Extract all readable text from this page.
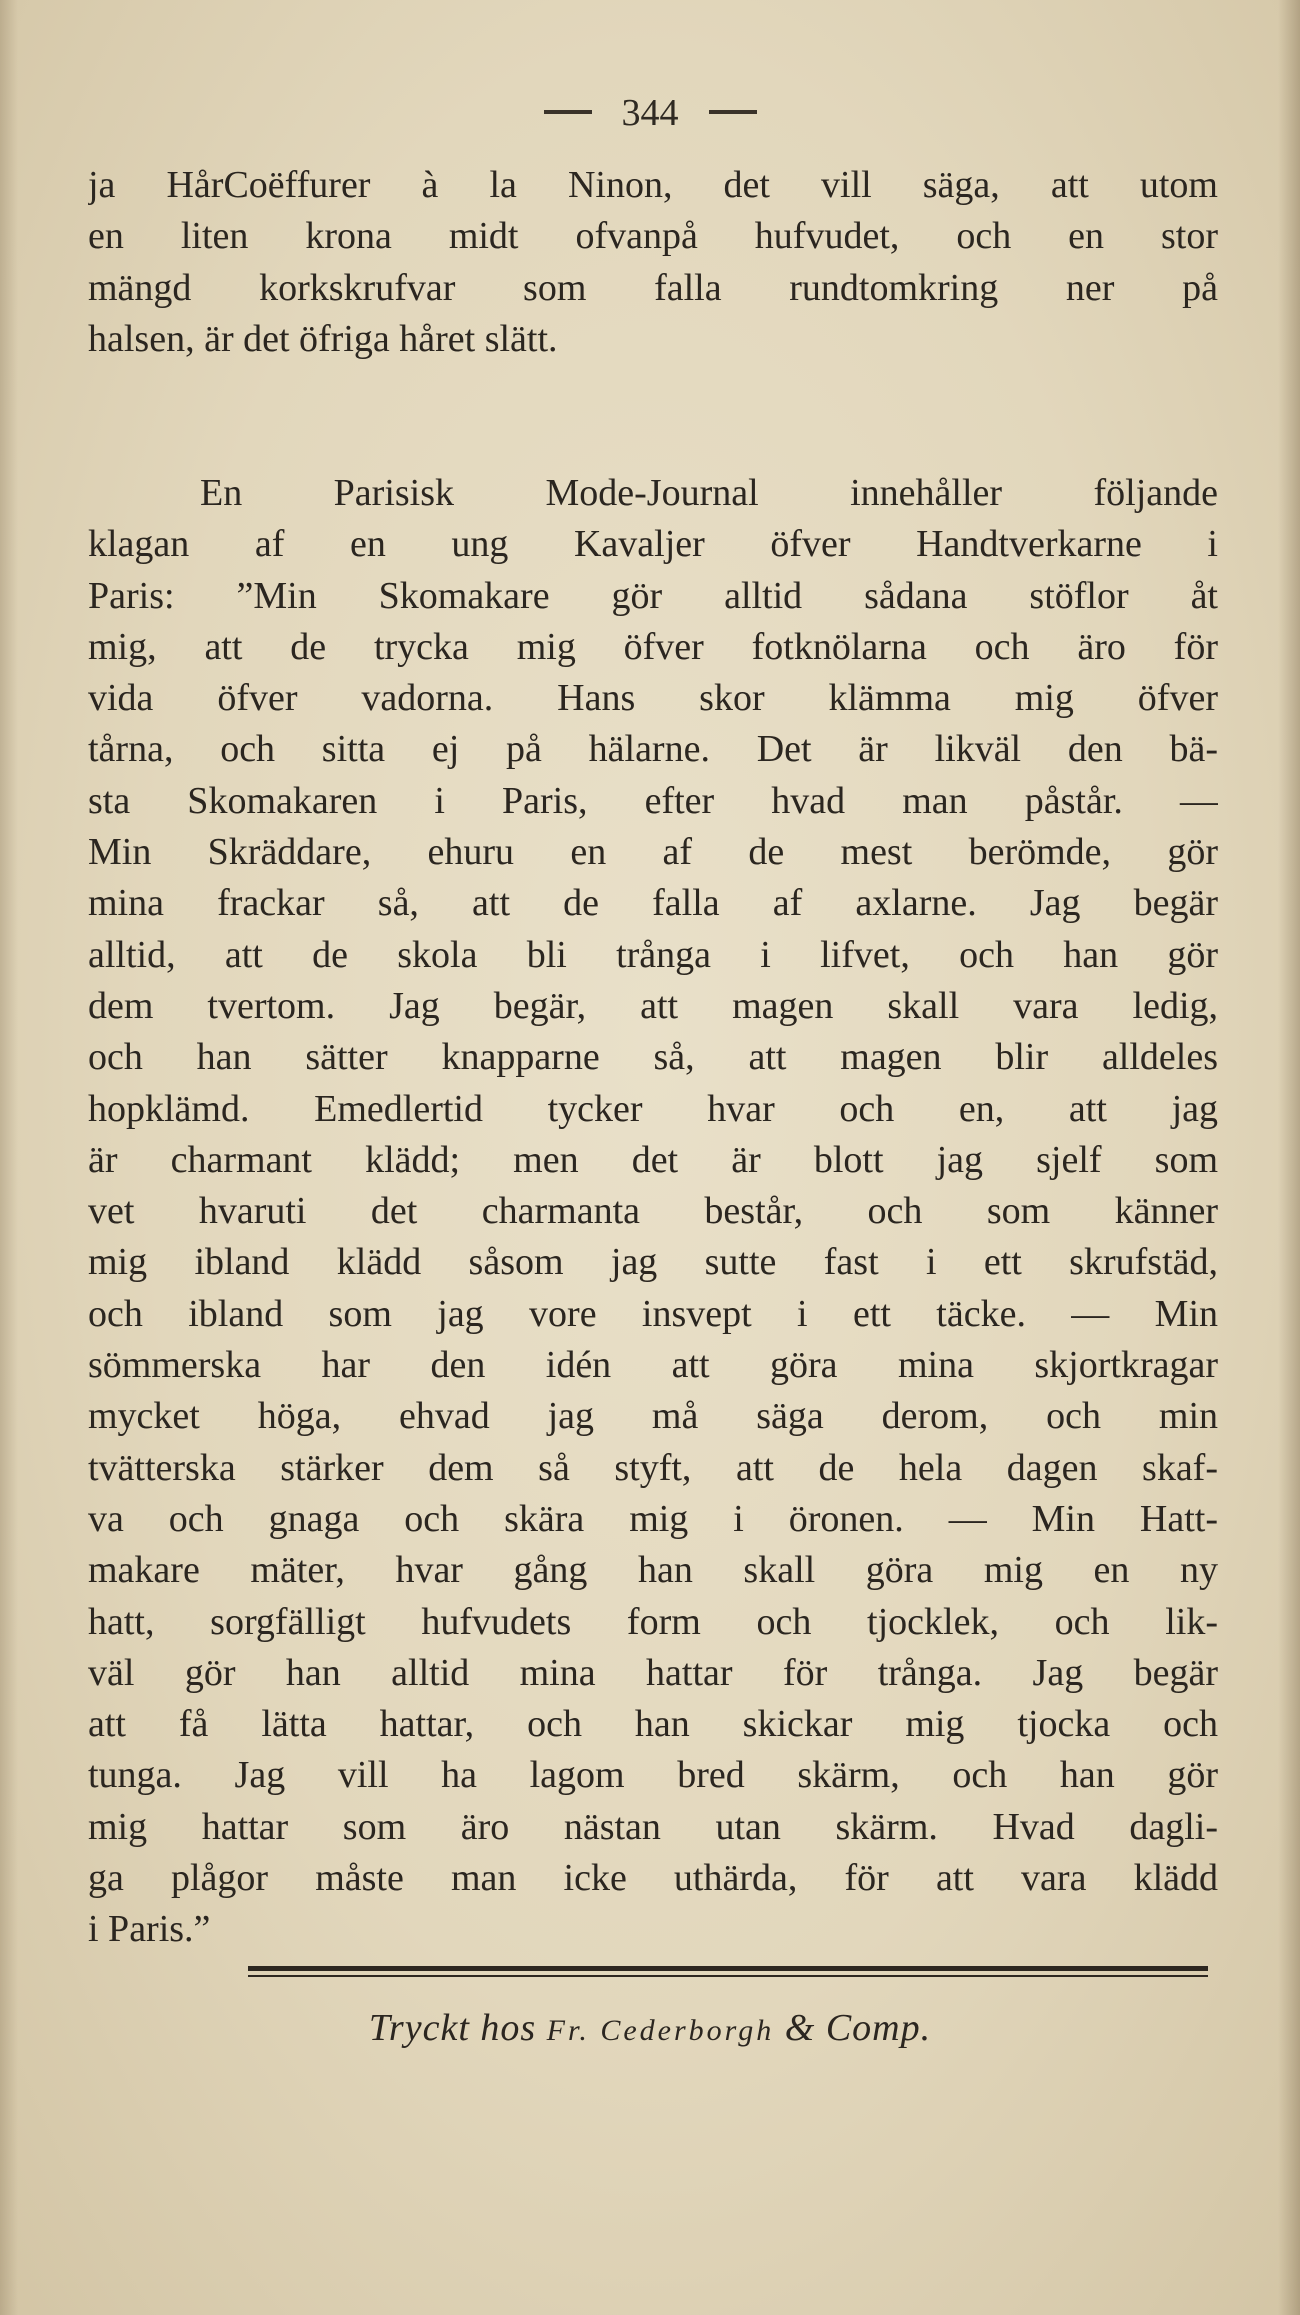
344
ja HårCoëffurer à la Ninon, det vill säga, att utom
en liten krona midt ofvanpå hufvudet, och en stor
mängd korkskrufvar som falla rundtomkring ner på
halsen, är det öfriga håret slätt.
En Parisisk Mode-Journal innehåller följande
klagan af en ung Kavaljer öfver Handtverkarne i
Paris: ”Min Skomakare gör alltid sådana stöflor åt
mig, att de trycka mig öfver fotknölarna och äro för
vida öfver vadorna. Hans skor klämma mig öfver
tårna, och sitta ej på hälarne. Det är likväl den bä-
sta Skomakaren i Paris, efter hvad man påstår. —
Min Skräddare, ehuru en af de mest berömde, gör
mina frackar så, att de falla af axlarne. Jag begär
alltid, att de skola bli trånga i lifvet, och han gör
dem tvertom. Jag begär, att magen skall vara ledig,
och han sätter knapparne så, att magen blir alldeles
hopklämd. Emedlertid tycker hvar och en, att jag
är charmant klädd; men det är blott jag sjelf som
vet hvaruti det charmanta består, och som känner
mig ibland klädd såsom jag sutte fast i ett skrufstäd,
och ibland som jag vore insvept i ett täcke. — Min
sömmerska har den idén att göra mina skjortkragar
mycket höga, ehvad jag må säga derom, och min
tvätterska stärker dem så styft, att de hela dagen skaf-
va och gnaga och skära mig i öronen. — Min Hatt-
makare mäter, hvar gång han skall göra mig en ny
hatt, sorgfälligt hufvudets form och tjocklek, och lik-
väl gör han alltid mina hattar för trånga. Jag begär
att få lätta hattar, och han skickar mig tjocka och
tunga. Jag vill ha lagom bred skärm, och han gör
mig hattar som äro nästan utan skärm. Hvad dagli-
ga plågor måste man icke uthärda, för att vara klädd
i Paris.”
Tryckt hos Fr. Cederborgh & Comp.
